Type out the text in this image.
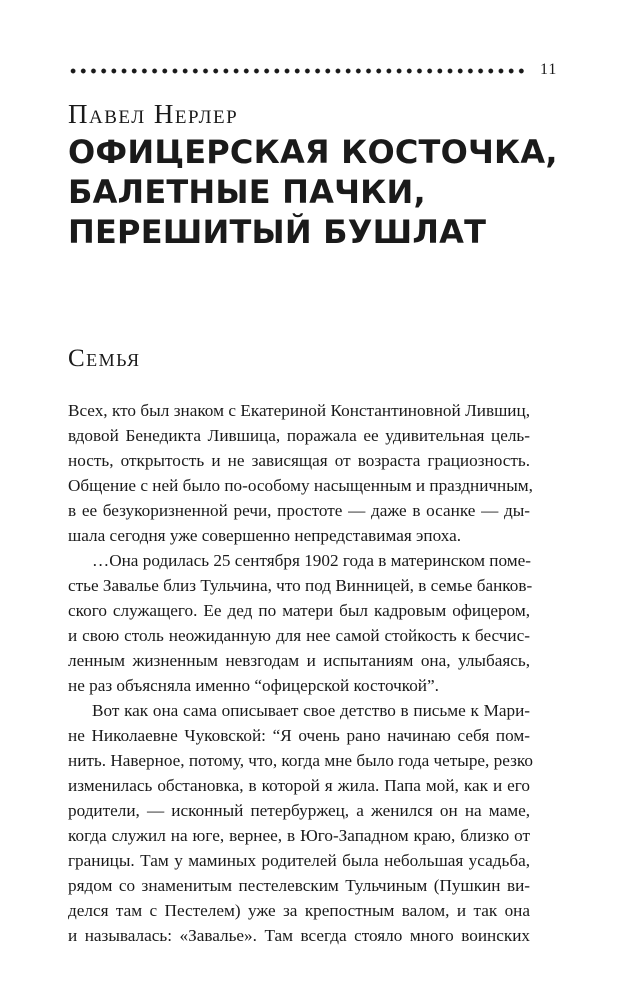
11
Павел Нерлер
ОФИЦЕРСКАЯ КОСТОЧКА,
БАЛЕТНЫЕ ПАЧКИ,
ПЕРЕШИТЫЙ БУШЛАТ
Семья
Всех, кто был знаком с Екатериной Константиновной Лившиц,
вдовой Бенедикта Лившица, поражала ее удивительная цель-
ность, открытость и не зависящая от возраста грациозность.
Общение с ней было по-особому насыщенным и праздничным,
в ее безукоризненной речи, простоте — даже в осанке — ды-
шала сегодня уже совершенно непредставимая эпоха.
…Она родилась 25 сентября 1902 года в материнском поме-
стье Завалье близ Тульчина, что под Винницей, в семье банков-
ского служащего. Ее дед по матери был кадровым офицером,
и свою столь неожиданную для нее самой стойкость к бесчис-
ленным жизненным невзгодам и испытаниям она, улыбаясь,
не раз объясняла именно “офицерской косточкой”.
Вот как она сама описывает свое детство в письме к Мари-
не Николаевне Чуковской: “Я очень рано начинаю себя пом-
нить. Наверное, потому, что, когда мне было года четыре, резко
изменилась обстановка, в которой я жила. Папа мой, как и его
родители, — исконный петербуржец, а женился он на маме,
когда служил на юге, вернее, в Юго-Западном краю, близко от
границы. Там у маминых родителей была небольшая усадьба,
рядом со знаменитым пестелевским Тульчиным (Пушкин ви-
делся там с Пестелем) уже за крепостным валом, и так она
и называлась: «Завалье». Там всегда стояло много воинских
